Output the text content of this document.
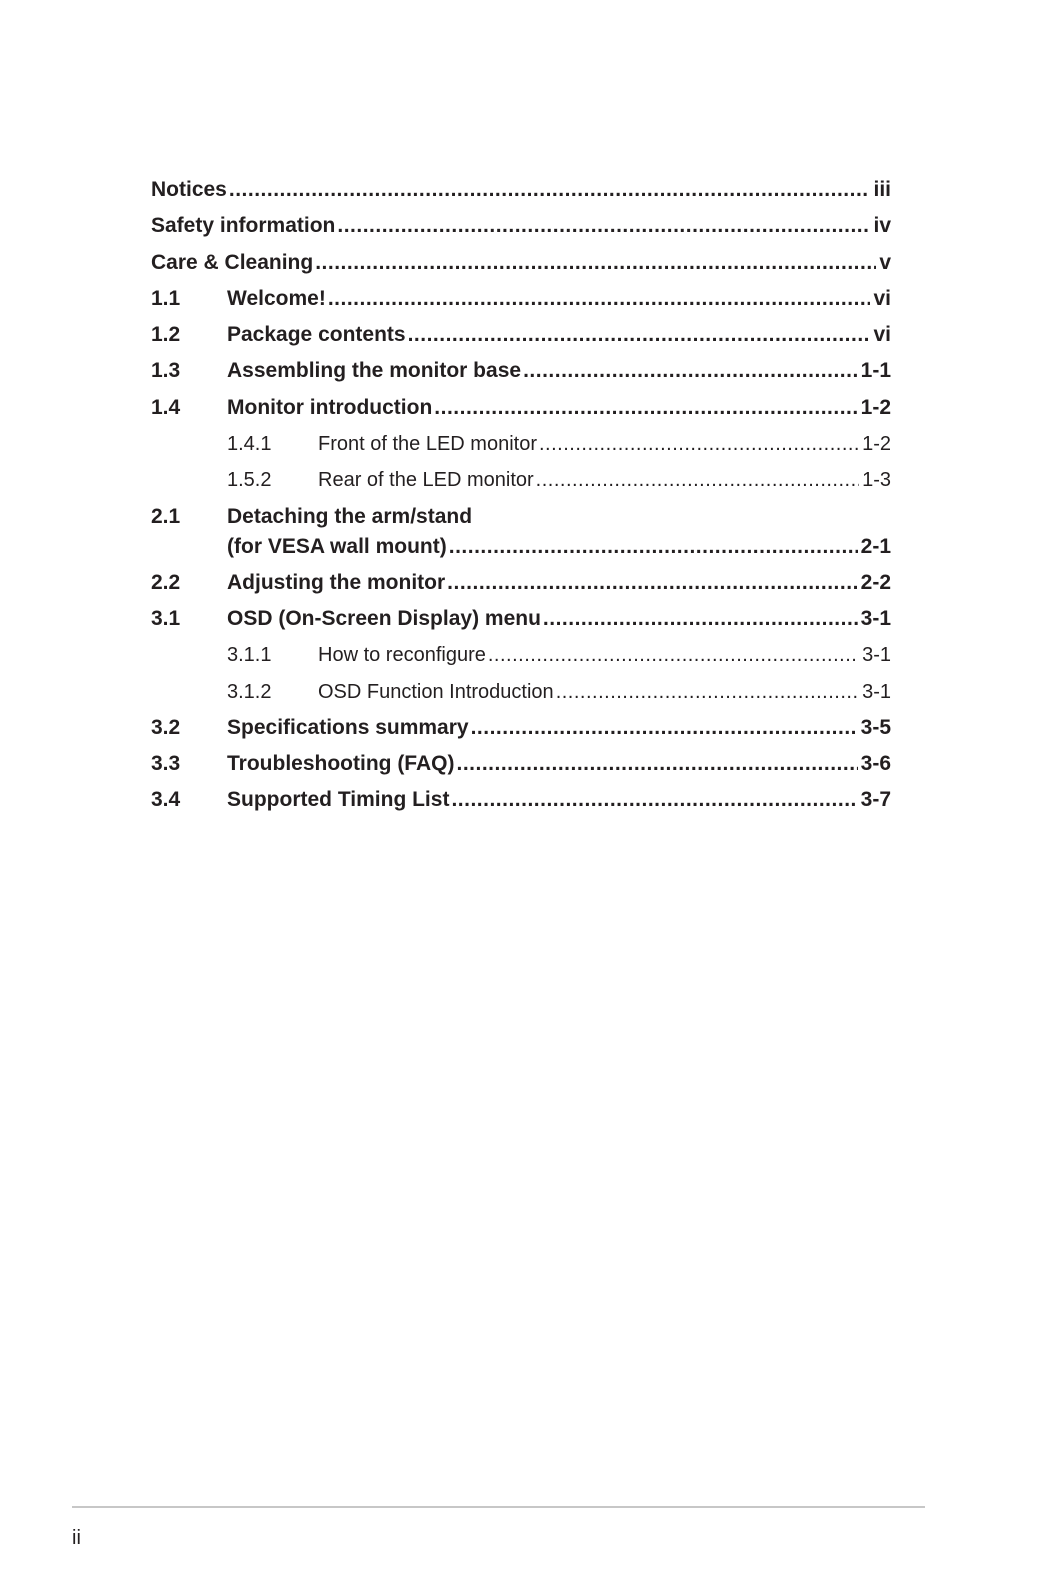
Notices .....	iii
Safety information .....	iv
Care & Cleaning .....	v
1.1 Welcome! .....	vi
1.2 Package contents .....	vi
1.3 Assembling the monitor base .....	1-1
1.4 Monitor introduction .....	1-2
1.4.1 Front of the LED monitor .....	1-2
1.5.2 Rear of the LED monitor .....	1-3
2.1 Detaching the arm/stand
(for VESA wall mount) .....	2-1
2.2 Adjusting the monitor .....	2-2
3.1 OSD (On-Screen Display) menu .....	3-1
3.1.1 How to reconfigure .....	3-1
3.1.2 OSD Function Introduction .....	3-1
3.2 Specifications summary .....	3-5
3.3 Troubleshooting (FAQ) .....	3-6
3.4 Supported Timing List .....	3-7
ii
